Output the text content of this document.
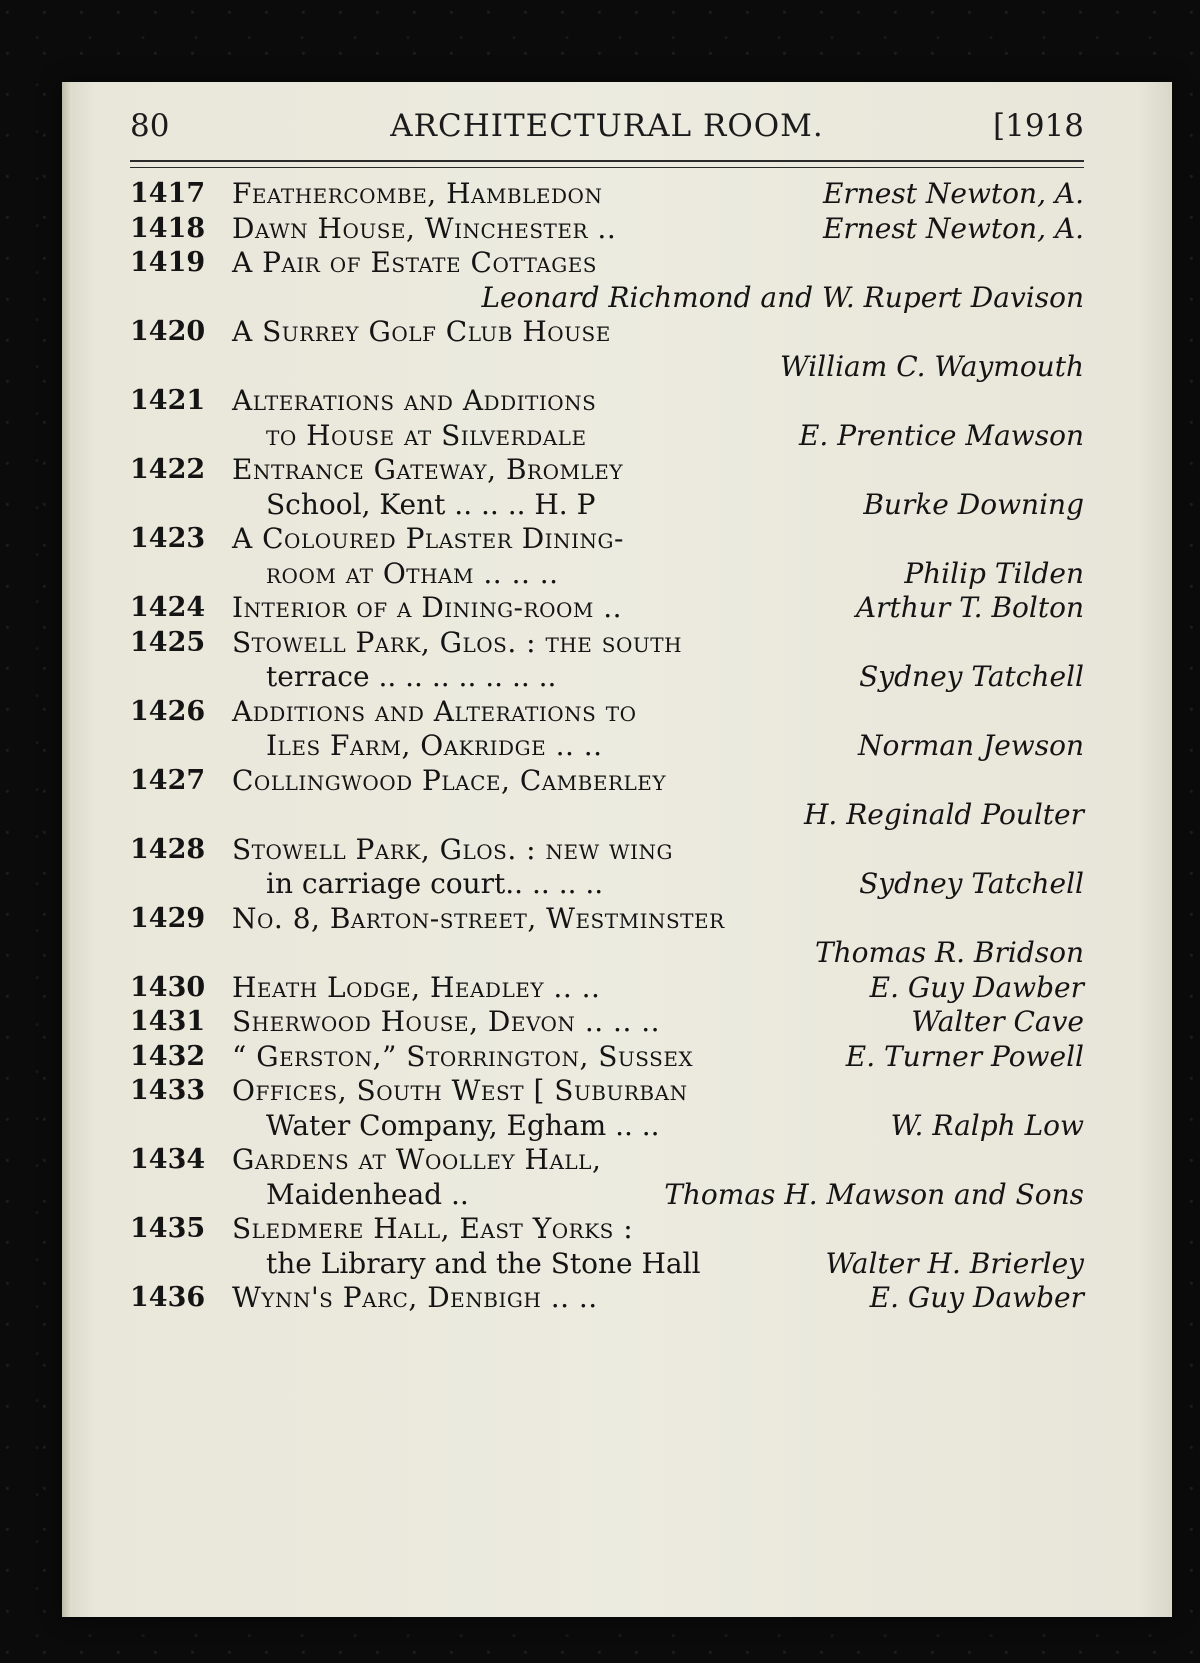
80	ARCHITECTURAL ROOM.	[1918
1417 Feathercombe, Hambledon	Ernest Newton, A.
1418 Dawn House, Winchester ..	Ernest Newton, A.
1419 A Pair of Estate Cottages
Leonard Richmond and W. Rupert Davison
1420 A Surrey Golf Club House
William C. Waymouth
1421 Alterations and Additions
to House at Silverdale	E. Prentice Mawson
1422 Entrance Gateway, Bromley
School, Kent .. .. .. H. P	Burke Downing
1423 A Coloured Plaster Dining-
room at Otham .. .. ..	Philip Tilden
1424 Interior of a Dining-room ..	Arthur T. Bolton
1425 Stowell Park, Glos. : the south
terrace .. .. .. .. .. .. ..	Sydney Tatchell
1426 Additions and Alterations to
Iles Farm, Oakridge .. ..	Norman Jewson
1427 Collingwood Place, Camberley
H. Reginald Poulter
1428 Stowell Park, Glos. : new wing
in carriage court.. .. .. ..	Sydney Tatchell
1429 No. 8, Barton-street, Westminster
Thomas R. Bridson
1430 Heath Lodge, Headley .. ..	E. Guy Dawber
1431 Sherwood House, Devon .. .. ..	Walter Cave
1432 “ Gerston,” Storrington, Sussex	E. Turner Powell
1433 Offices, South West [ Suburban
Water Company, Egham .. ..	W. Ralph Low
1434 Gardens at Woolley Hall,
Maidenhead ..	Thomas H. Mawson and Sons
1435 Sledmere Hall, East Yorks :
the Library and the Stone Hall	Walter H. Brierley
1436 Wynn's Parc, Denbigh .. ..	E. Guy Dawber
